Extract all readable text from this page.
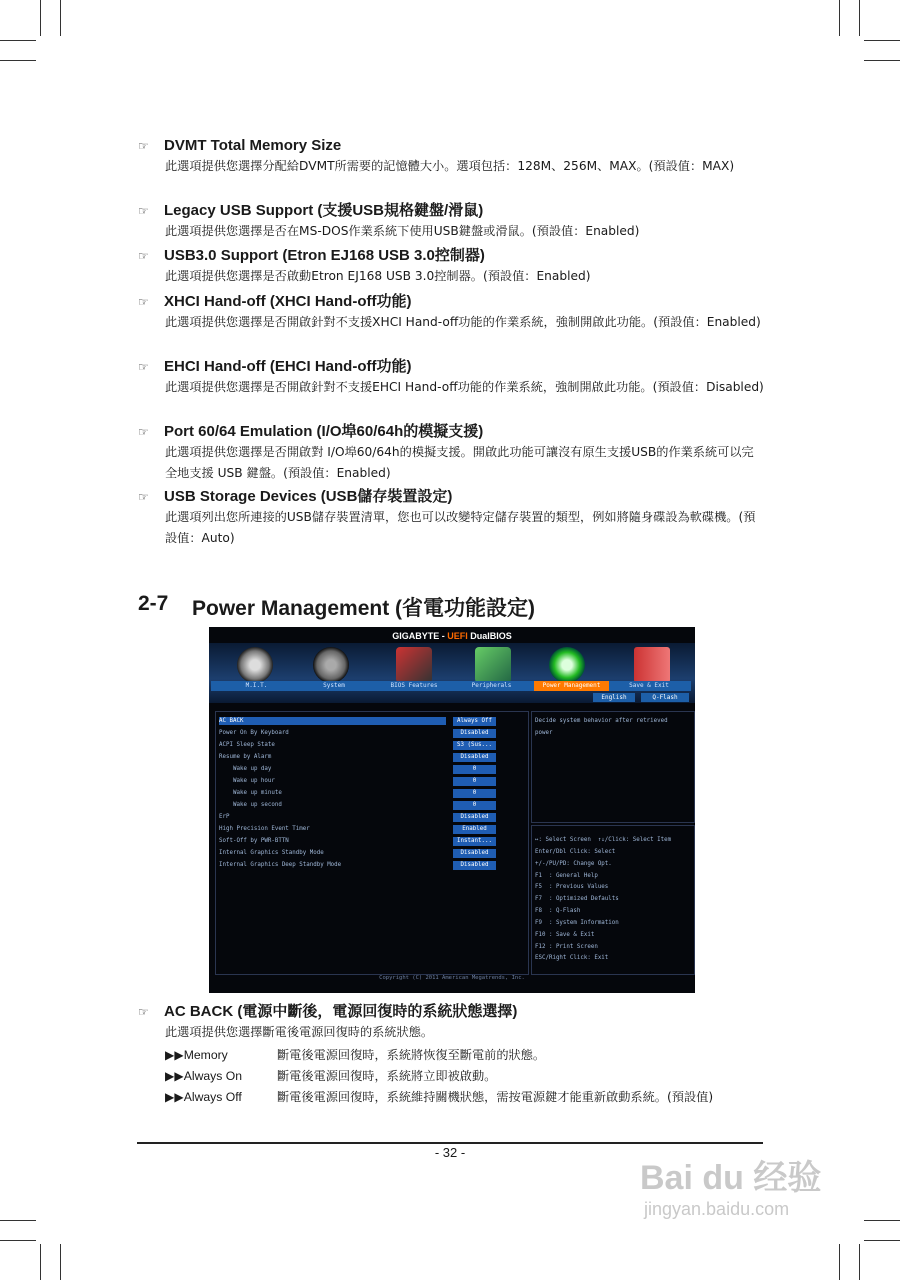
☞ DVMT Total Memory Size
此選項提供您選擇分配給DVMT所需要的記憶體大小。選項包括：128M、256M、MAX。(預設值：MAX)
☞ Legacy USB Support (支援USB規格鍵盤/滑鼠)
此選項提供您選擇是否在MS-DOS作業系統下使用USB鍵盤或滑鼠。(預設值：Enabled)
☞ USB3.0 Support (Etron EJ168 USB 3.0控制器)
此選項提供您選擇是否啟動Etron EJ168 USB 3.0控制器。(預設值：Enabled)
☞ XHCI Hand-off (XHCI Hand-off功能)
此選項提供您選擇是否開啟針對不支援XHCI Hand-off功能的作業系統，強制開啟此功能。(預設值：Enabled)
☞ EHCI Hand-off (EHCI Hand-off功能)
此選項提供您選擇是否開啟針對不支援EHCI Hand-off功能的作業系統，強制開啟此功能。(預設值：Disabled)
☞ Port 60/64 Emulation (I/O埠60/64h的模擬支援)
此選項提供您選擇是否開啟對 I/O埠60/64h的模擬支援。開啟此功能可讓沒有原生支援USB的作業系統可以完全地支援 USB 鍵盤。(預設值：Enabled)
☞ USB Storage Devices (USB儲存裝置設定)
此選項列出您所連接的USB儲存裝置清單，您也可以改變特定儲存裝置的類型，例如將隨身碟設為軟碟機。(預設值：Auto)
2-7 Power Management (省電功能設定)
GIGABYTE - UEFI DualBIOS
M.I.T.	System	BIOS Features	Peripherals	Power Management	Save & Exit
English	Q-Flash
AC BACK	Always Off
Power On By Keyboard	Disabled
ACPI Sleep State	S3 (Sus...
Resume by Alarm	Disabled
Wake up day	0
Wake up hour	0
Wake up minute	0
Wake up second	0
ErP	Disabled
High Precision Event Timer	Enabled
Soft-Off by PWR-BTTN	Instant...
Internal Graphics Standby Mode	Disabled
Internal Graphics Deep Standby Mode	Disabled
Decide system behavior after retrieved
power
↔: Select Screen  ↑↓/Click: Select Item
Enter/Dbl Click: Select
+/-/PU/PD: Change Opt.
F1  : General Help
F5  : Previous Values
F7  : Optimized Defaults
F8  : Q-Flash
F9  : System Information
F10 : Save & Exit
F12 : Print Screen
ESC/Right Click: Exit
Copyright (C) 2011 American Megatrends, Inc.
☞ AC BACK (電源中斷後，電源回復時的系統狀態選擇)
此選項提供您選擇斷電後電源回復時的系統狀態。
▶▶Memory	斷電後電源回復時，系統將恢復至斷電前的狀態。
▶▶Always On	斷電後電源回復時，系統將立即被啟動。
▶▶Always Off	斷電後電源回復時，系統維持關機狀態，需按電源鍵才能重新啟動系統。(預設值)
- 32 -
Bai du 经验
jingyan.baidu.com
